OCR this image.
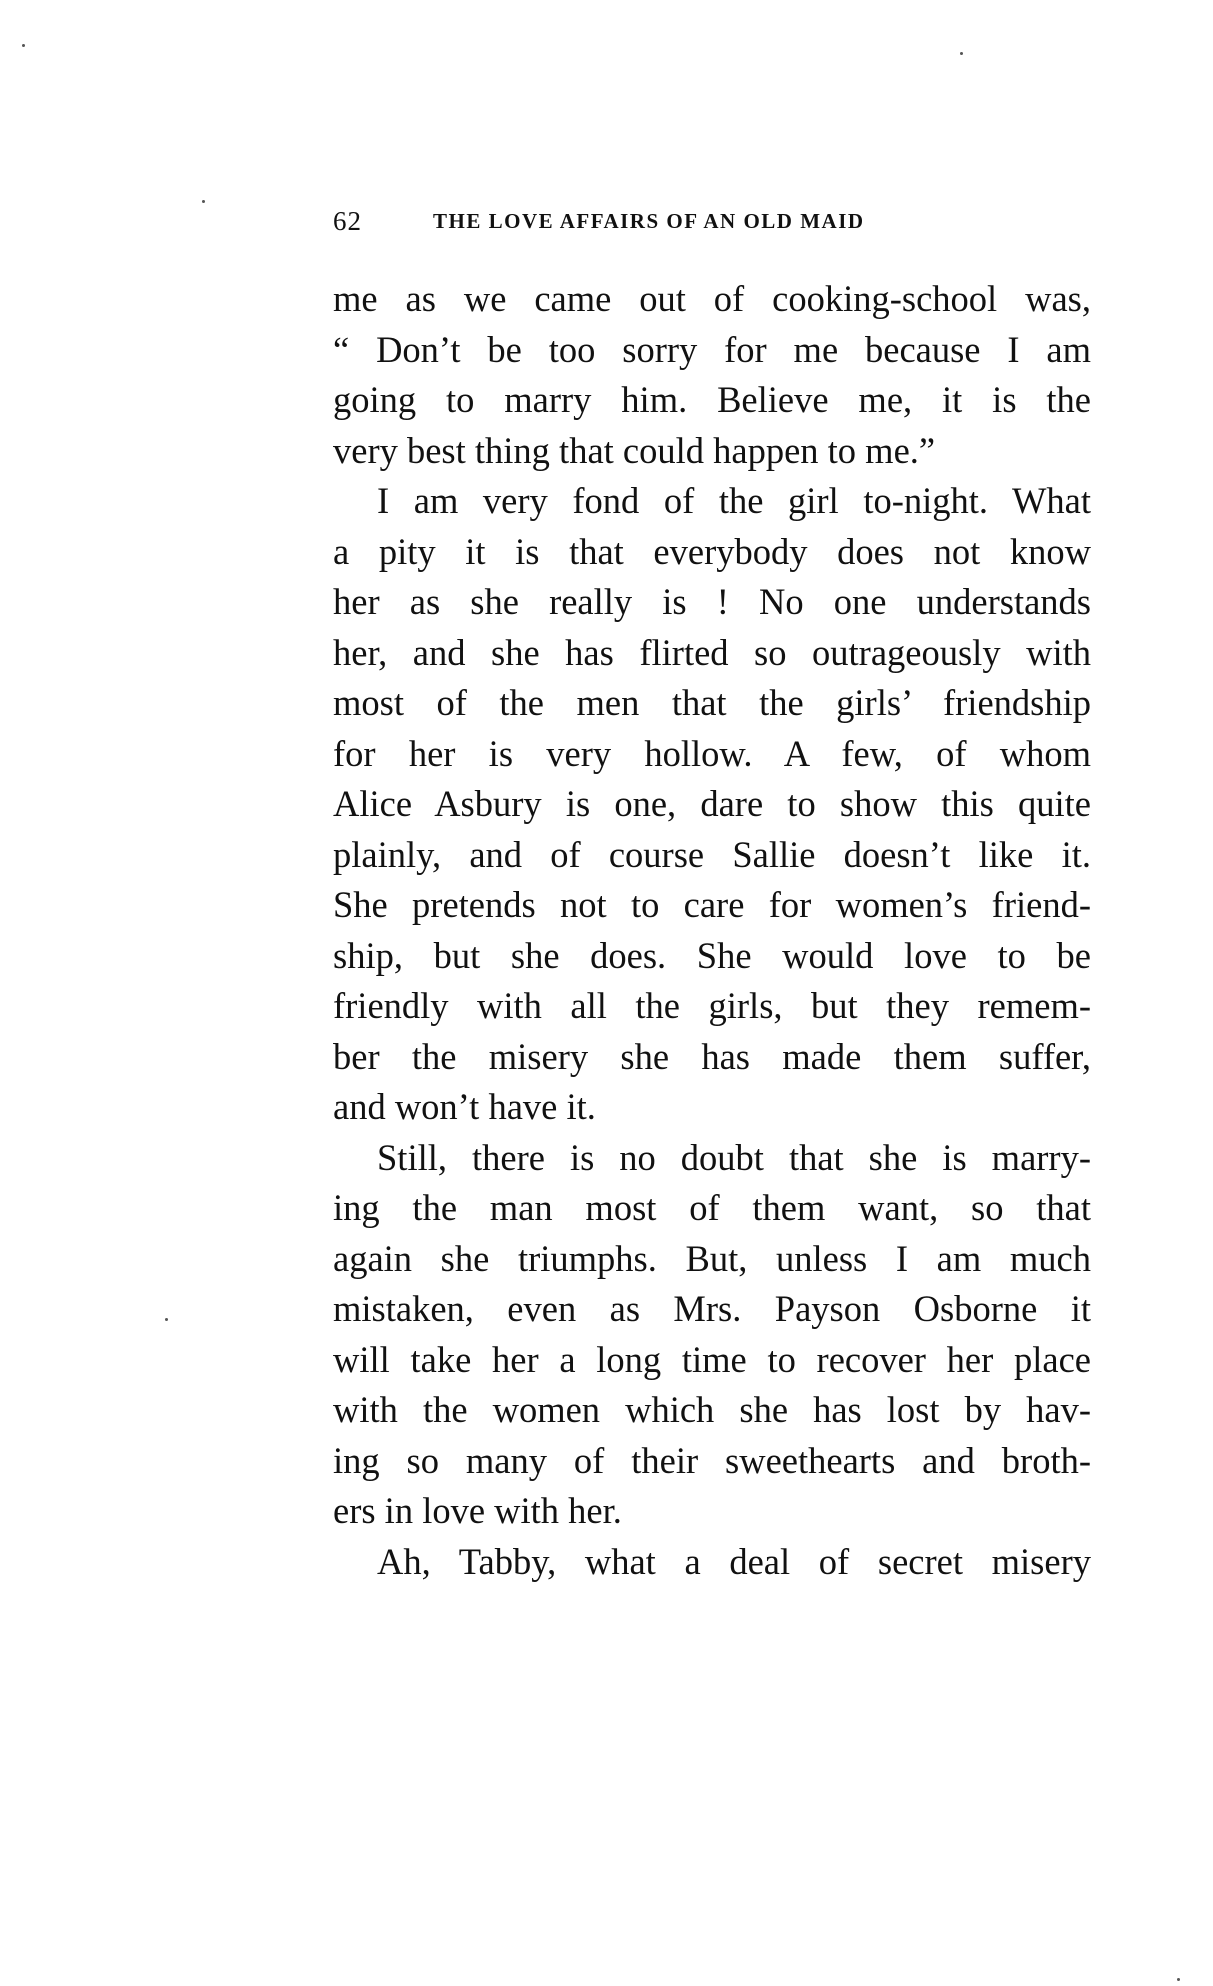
62	THE LOVE AFFAIRS OF AN OLD MAID
me as we came out of cooking-school was,
“ Don’t be too sorry for me because I am
going to marry him. Believe me, it is the
very best thing that could happen to me.”
I am very fond of the girl to-night. What
a pity it is that everybody does not know
her as she really is ! No one understands
her, and she has flirted so outrageously with
most of the men that the girls’ friendship
for her is very hollow. A few, of whom
Alice Asbury is one, dare to show this quite
plainly, and of course Sallie doesn’t like it.
She pretends not to care for women’s friend-
ship, but she does. She would love to be
friendly with all the girls, but they remem-
ber the misery she has made them suffer,
and won’t have it.
Still, there is no doubt that she is marry-
ing the man most of them want, so that
again she triumphs. But, unless I am much
mistaken, even as Mrs. Payson Osborne it
will take her a long time to recover her place
with the women which she has lost by hav-
ing so many of their sweethearts and broth-
ers in love with her.
Ah, Tabby, what a deal of secret misery
